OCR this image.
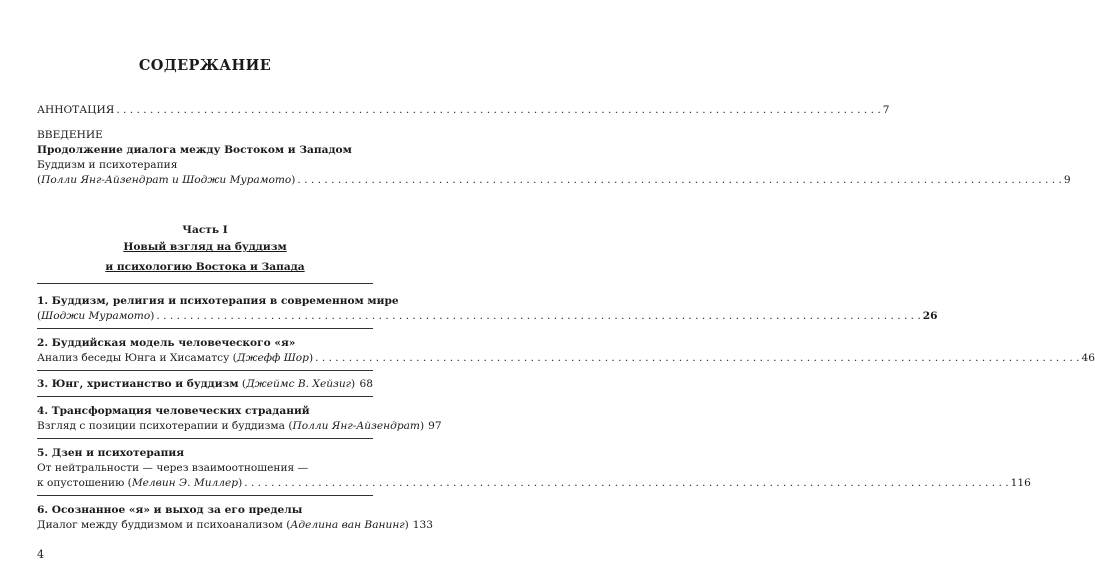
СОДЕРЖАНИЕ
АННОТАЦИЯ . . .	7
ВВЕДЕНИЕ
Продолжение диалога между Востоком и Западом
Буддизм и психотерапия
(Полли Янг-Айзендрат и Шоджи Мурамото) . . .	9
Часть I
Новый взгляд на буддизм
и психологию Востока и Запада
1. Буддизм, религия и психотерапия в современном мире
(Шоджи Мурамото) . . .	26
2. Буддийская модель человеческого «я»
Анализ беседы Юнга и Хисаматсу (Джефф Шор) . . .	46
3. Юнг, христианство и буддизм (Джеймс В. Хейзиг) . . . 68
4. Трансформация человеческих страданий
Взгляд с позиции психотерапии и буддизма (Полли Янг-Айзендрат) 97
5. Дзен и психотерапия
От нейтральности — через взаимоотношения —
к опустошению (Мелвин Э. Миллер) . . .	116
6. Осознанное «я» и выход за его пределы
Диалог между буддизмом и психоанализом (Аделина ван Ванинг) 133
4
